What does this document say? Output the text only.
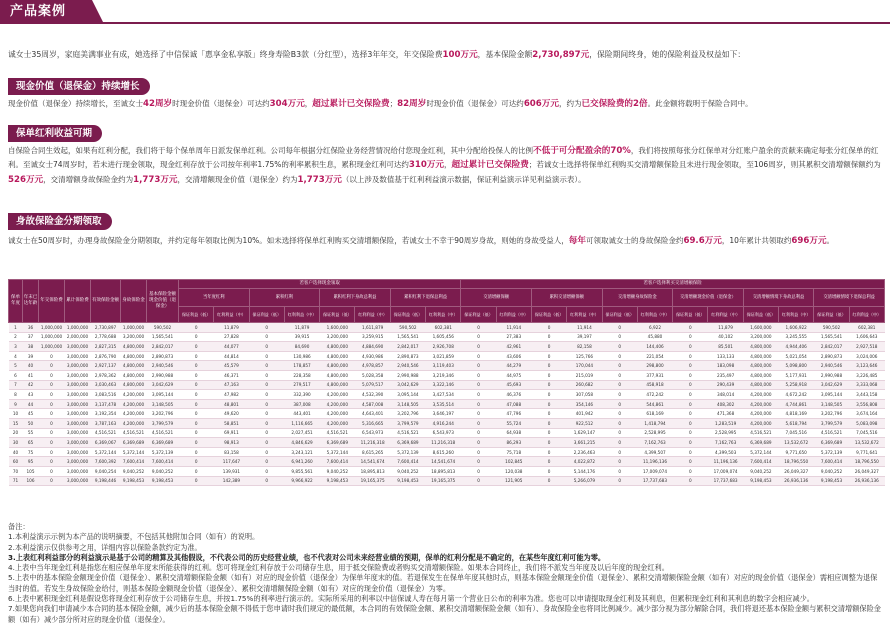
产品案例
诚女士35周岁，家庭美满事业有成，她选择了中信保诚「惠享金私享版」终身寿险B3款（分红型），选择3年年交，年交保险费100万元，基本保险金额2,730,897元，保险期间终身，她的保险利益及权益如下：
现金价值（退保金）持续增长
现金价值（退保金）持续增长，至诚女士42周岁时现金价值（退保金）可达约304万元，超过累计已交保险费；82周岁时现金价值（退保金）可达约606万元，约为已交保险费的2倍。此金额将载明于保险合同中。
保单红利收益可期
自保险合同生效起，如果有红利分配，我们将于每个保单周年日派发保单红利。公司每年根据分红保险业务经营情况给付您现金红利，其中分配给投保人的比例不低于可分配盈余的70%，我们将按照每张分红保单对分红账户盈余的贡献来确定每张分红保单的红利。至诚女士74周岁时，若未进行现金领取，现金红利存放于公司按年利率1.75%的利率累积生息，累积现金红利可达约310万元，超过累计已交保险费；若诚女士选择将保单红利购买交清增额保险且未进行现金领取，至106周岁，则其累积交清增额保额约为526万元，交清增额身故保险金约为1,773万元，交清增额现金价值（退保金）约为1,773万元（以上涉及数值基于红利利益演示数据，保证利益演示详见利益演示表）。
身故保险金分期领取
诚女士在50周岁时，办理身故保险金分期领取，并约定每年领取比例为10%。如未选择将保单红利购买交清增额保险，若诚女士不幸于90周岁身故，则她的身故受益人，每年可领取诚女士的身故保险金约69.6万元，10年累计共领取约696万元。
保单年度	年末已达年龄	年交保险费	累计保险费	有效保险金额	身故保险金	基本保险金额现金价值（退保金）	若客户选择现金领取								若客户选择利买交清增额保险											
							当年度红利		累积红利		累积红利下身故总利益		累积红利下退保总利益		交清增额保额		累积交清增额保额		交清增额身故保险金		交清增额现金价值（退保金）		交清增额情境下身故总利益		交清增额情境下退保总利益	
							保证利益（低）	红利利益（中）	保证利益（低）	红利利益（中）	保证利益（低）	红利利益（中）	保证利益（低）	红利利益（中）	保证利益（低）	红利利益（中）	保证利益（低）	红利利益（中）	保证利益（低）	红利利益（中）	保证利益（低）	红利利益（中）	保证利益（低）	红利利益（中）	保证利益（低）	红利利益（中）
1	36	1,000,000	1,000,000	2,730,897	1,000,000	590,502	0	11,879	0	11,879	1,600,000	1,611,879	590,502	602,381	0	11,914	0	11,914	0	6,922	0	11,879	1,600,000	1,606,922	590,502	602,381
2	37	1,000,000	2,000,000	2,778,688	3,200,000	1,565,541	0	27,828	0	39,915	3,200,000	3,259,915	1,565,541	1,605,456	0	27,383	0	39,197	0	45,880	0	40,102	3,200,000	3,245,555	1,565,541	1,606,643
3	38	1,000,000	3,000,000	2,827,315	4,800,000	2,842,017	0	44,077	0	84,690	4,800,000	4,884,690	2,842,017	2,926,708	0	42,961	0	82,158	0	144,406	0	85,501	4,800,000	4,944,406	2,842,017	2,927,518
4	39	0	3,000,000	2,876,790	4,800,000	2,890,873	0	44,814	0	130,986	4,800,000	4,930,986	2,890,873	3,021,859	0	43,606	0	125,766	0	221,054	0	133,133	4,800,000	5,021,054	2,890,873	3,024,006
5	40	0	3,000,000	2,927,137	4,800,000	2,940,546	0	45,579	0	178,857	4,800,000	4,978,857	2,940,546	3,119,403	0	44,279	0	170,044	0	298,800	0	183,098	4,800,000	5,098,800	2,940,546	3,123,646
6	41	0	3,000,000	2,978,362	4,800,000	2,990,988	0	46,371	0	228,358	4,800,000	5,028,358	2,990,988	3,219,346	0	44,975	0	215,019	0	377,931	0	235,497	4,800,000	5,177,931	2,990,988	3,226,485
7	42	0	3,000,000	3,030,463	4,800,000	3,042,629	0	47,163	0	279,517	4,800,000	5,079,517	3,042,629	3,322,146	0	45,693	0	260,682	0	458,918	0	290,439	4,800,000	5,258,918	3,042,629	3,333,068
8	43	0	3,000,000	3,083,516	4,200,000	3,095,144	0	47,982	0	332,390	4,200,000	4,532,390	3,095,144	3,427,534	0	46,376	0	307,058	0	472,242	0	348,014	4,200,000	4,672,242	3,095,144	3,443,158
9	44	0	3,000,000	3,137,478	4,200,000	3,148,505	0	48,801	0	387,008	4,200,000	4,587,008	3,148,505	3,535,514	0	47,088	0	354,146	0	544,861	0	408,302	4,200,000	4,744,861	3,148,505	3,556,808
10	45	0	3,000,000	3,192,354	4,200,000	3,202,796	0	49,620	0	443,401	4,200,000	4,643,401	3,202,796	3,646,197	0	47,796	0	401,942	0	618,169	0	471,368	4,200,000	4,818,169	3,202,796	3,674,164
15	50	0	3,000,000	3,787,163	4,200,000	3,799,579	0	58,851	0	1,116,665	4,200,000	5,316,665	3,799,579	4,916,244	0	55,724	0	922,512	0	1,418,794	0	1,283,519	4,200,000	5,618,794	3,799,579	5,083,098
20	55	0	3,000,000	4,516,521	4,516,521	4,516,521	0	69,911	0	2,027,451	4,516,521	6,543,973	4,516,521	6,543,973	0	64,938	0	1,629,147	0	2,528,995	0	2,528,995	4,516,521	7,045,516	4,516,521	7,045,516
30	65	0	3,000,000	6,369,067	6,369,689	6,369,689	0	98,913	0	4,846,629	6,369,689	11,216,318	6,369,689	11,216,318	0	86,293	0	3,661,215	0	7,162,763	0	7,162,763	6,369,689	13,532,672	6,369,689	13,532,672
40	75	0	3,000,000	5,372,144	5,372,144	5,372,139	0	83,158	0	3,243,121	5,372,144	8,615,265	5,372,139	8,615,260	0	75,718	0	2,236,463	0	4,399,507	0	4,399,503	5,372,144	9,771,650	5,372,139	9,771,641
60	95	0	3,000,000	7,600,392	7,600,414	7,600,414	0	117,647	0	6,941,260	7,600,414	14,541,674	7,600,414	14,541,674	0	102,845	0	4,022,872	0	11,196,136	0	11,196,136	7,600,414	18,796,550	7,600,414	18,796,550
70	105	0	3,000,000	9,040,254	9,040,252	9,040,252	0	139,931	0	9,855,561	9,040,252	18,895,813	9,040,252	18,895,813	0	120,038	0	5,144,176	0	17,009,074	0	17,009,074	9,040,252	26,049,327	9,040,252	26,049,327
71	106	0	3,000,000	9,198,446	9,198,453	9,198,453	0	142,389	0	9,966,922	9,198,453	19,165,375	9,198,453	19,165,375	0	121,905	0	5,266,079	0	17,737,683	0	17,737,683	9,198,453	26,936,136	9,198,453	26,936,136
备注：
1.本利益演示示例为本产品的说明摘要，不包括其他附加合同（如有）的说明。
2.本利益演示仅供参考之用，详细内容以保险条款约定为准。
3.上表红利利益部分的利益演示是基于公司的精算及其他假设，不代表公司的历史经营业绩，也不代表对公司未来经营业绩的预期，保单的红利分配是不确定的，在某些年度红利可能为零。
4.上表中当年现金红利是指您在相应保单年度末所能获得的红利。您可将现金红利存放于公司储存生息，用于抵交保险费或者购买交清增额保险。如果本合同终止，我们将不派发当年度及以后年度的现金红利。
5.上表中的基本保险金额现金价值（退保金）、累积交清增额保险金额（如有）对应的现金价值（退保金）为保单年度末的值。若退保发生在保单年度其他时点，则基本保险金额现金价值（退保金）、累积交清增额保险金额（如有）对应的现金价值（退保金）需相应调整为退保当时的值。若发生身故保险金给付，则基本保险金额现金价值（退保金）、累积交清增额保险金额（如有）对应的现金价值（退保金）为零。
6.上表中累积现金红利是假设您将现金红利存放于公司储存生息，并按1.75%的利率进行演示的。实际所采用的利率以中信保诚人寿在每月第一个营业日公布的利率为准。您也可以申请提取现金红利及其利息，但累积现金红利和其利息的数字会相应减少。
7.如果您向我们申请减少本合同的基本保险金额，减少后的基本保险金额不得低于您申请时我们规定的最低额，本合同的有效保险金额、累积交清增额保险金额（如有）、身故保险金也将同比例减少。减少部分视为部分解除合同，我们将退还基本保险金额与累积交清增额保险金额（如有）减少部分所对应的现金价值（退保金）。
